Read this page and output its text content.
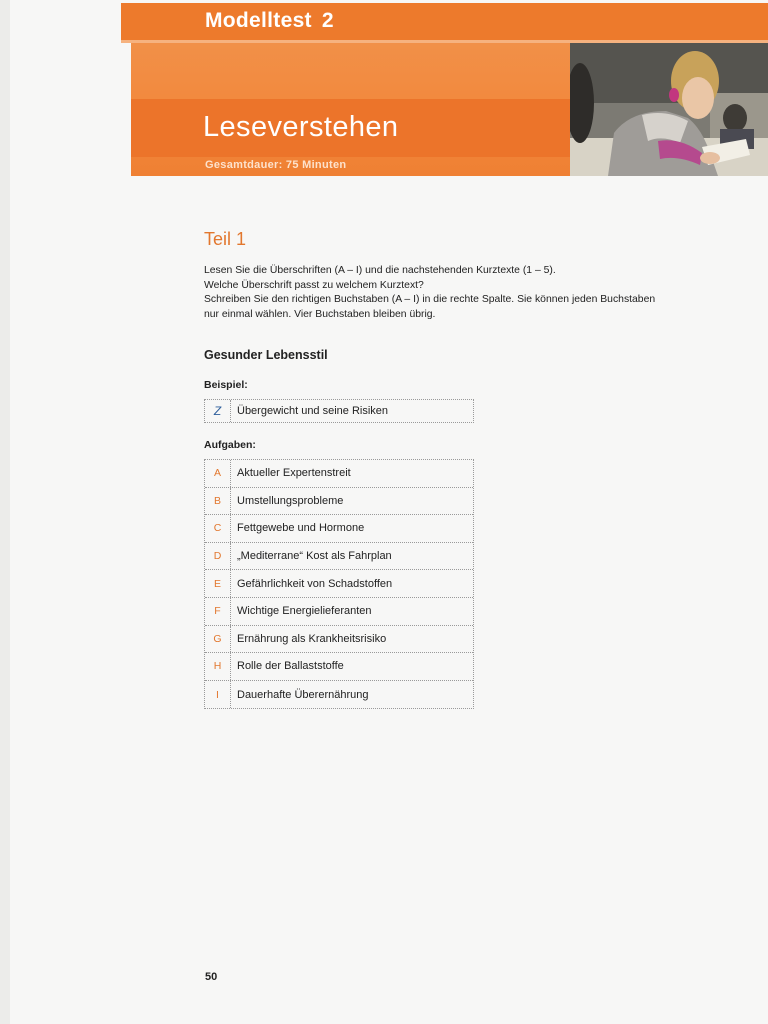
Modelltest 2
Leseverstehen
Gesamtdauer: 75 Minuten
Teil 1
Lesen Sie die Überschriften (A – I) und die nachstehenden Kurztexte (1 – 5).
Welche Überschrift passt zu welchem Kurztext?
Schreiben Sie den richtigen Buchstaben (A – I) in die rechte Spalte. Sie können jeden Buchstaben
nur einmal wählen. Vier Buchstaben bleiben übrig.
Gesunder Lebensstil
Beispiel:
Z	Übergewicht und seine Risiken
Aufgaben:
A	Aktueller Expertenstreit
B	Umstellungsprobleme
C	Fettgewebe und Hormone
D	„Mediterrane“ Kost als Fahrplan
E	Gefährlichkeit von Schadstoffen
F	Wichtige Energielieferanten
G	Ernährung als Krankheitsrisiko
H	Rolle der Ballaststoffe
I	Dauerhafte Überernährung
50
